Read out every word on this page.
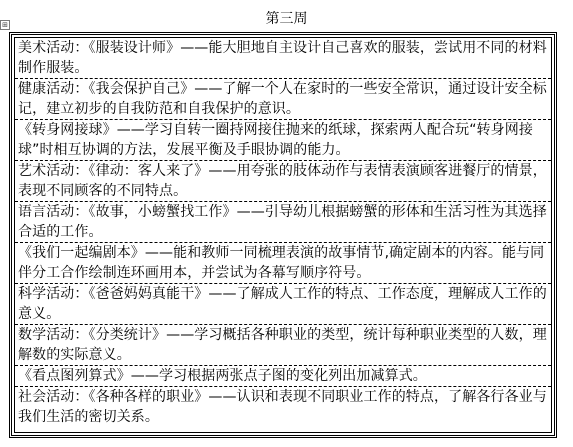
第三周
⊞
美术活动：《服装设计师》——能大胆地自主设计自己喜欢的服装，尝试用不同的材料制作服装。
健康活动：《我会保护自己》——了解一个人在家时的一些安全常识，通过设计安全标记，建立初步的自我防范和自我保护的意识。
《转身网接球》——学习自转一圈持网接住抛来的纸球，探索两人配合玩“转身网接球”时相互协调的方法，发展平衡及手眼协调的能力。
艺术活动：《律动：客人来了》——用夸张的肢体动作与表情表演顾客进餐厅的情景，表现不同顾客的不同特点。
语言活动：《故事，小螃蟹找工作》——引导幼儿根据螃蟹的形体和生活习性为其选择合适的工作。
《我们一起编剧本》——能和教师一同梳理表演的故事情节,确定剧本的内容。能与同伴分工合作绘制连环画用本，并尝试为各幕写顺序符号。
科学活动：《爸爸妈妈真能干》——了解成人工作的特点、工作态度，理解成人工作的意义。
数学活动：《分类统计》——学习概括各种职业的类型，统计每种职业类型的人数，理解数的实际意义。
《看点图列算式》——学习根据两张点子图的变化列出加减算式。
社会活动：《各种各样的职业》——认识和表现不同职业工作的特点，了解各行各业与我们生活的密切关系。
